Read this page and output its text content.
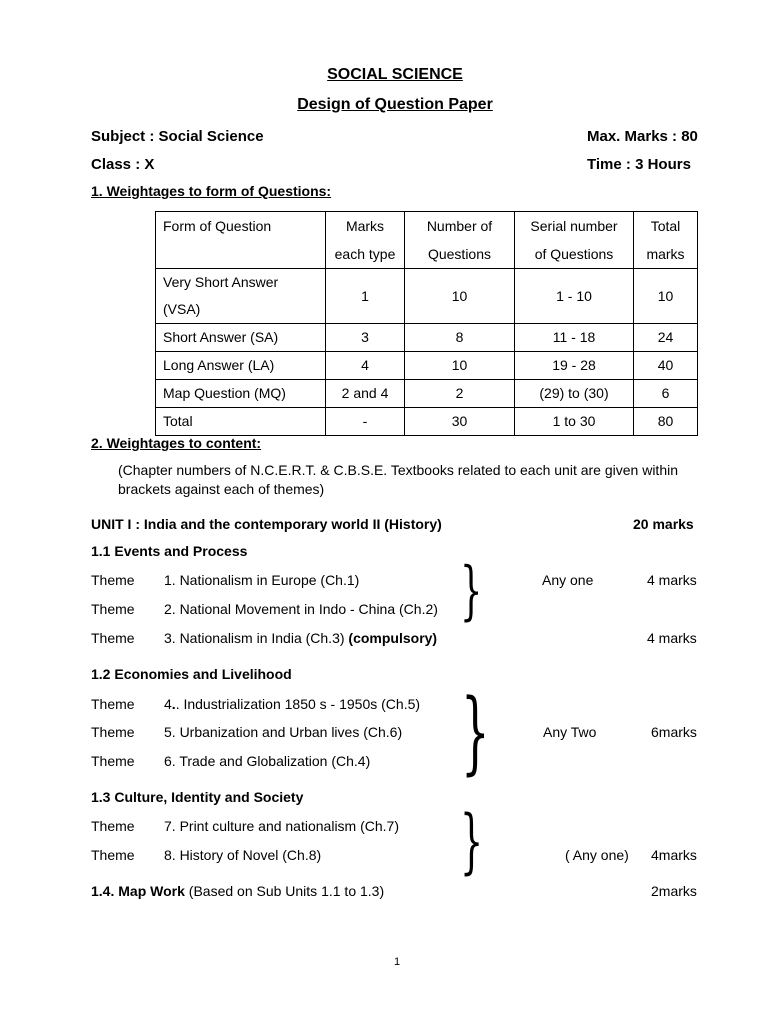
SOCIAL SCIENCE
Design of Question Paper
Subject : Social Science	Max. Marks : 80
Class : X	Time : 3 Hours
1. Weightages to form of Questions:
Form of Question	Marks	Number of	Serial number	Total
	each type	Questions	of Questions	marks
Very Short Answer (VSA)	1	10	1 - 10	10
Short Answer (SA)	3	8	11 - 18	24
Long Answer (LA)	4	10	19 - 28	40
Map Question (MQ)	2 and 4	2	(29) to (30)	6
Total	-	30	1 to 30	80
2. Weightages to content:
(Chapter numbers of N.C.E.R.T. & C.B.S.E. Textbooks related to each unit are given within
brackets against each of themes)
UNIT I : India and the contemporary world II (History)	20 marks
1.1 Events and Process
Theme 1. Nationalism in Europe (Ch.1)
Theme 2. National Movement in Indo - China (Ch.2) }	Any one	4 marks
Theme 3. Nationalism in India (Ch.3) (compulsory)	4 marks
1.2 Economies and Livelihood
Theme 4.. Industrialization 1850 s - 1950s (Ch.5)
Theme 5. Urbanization and Urban lives (Ch.6)
Theme 6. Trade and Globalization (Ch.4) }	Any Two	6marks
1.3 Culture, Identity and Society
Theme 7. Print culture and nationalism (Ch.7)
Theme 8. History of Novel (Ch.8) }	( Any one) 4marks
1.4. Map Work (Based on Sub Units 1.1 to 1.3)	2marks
1
